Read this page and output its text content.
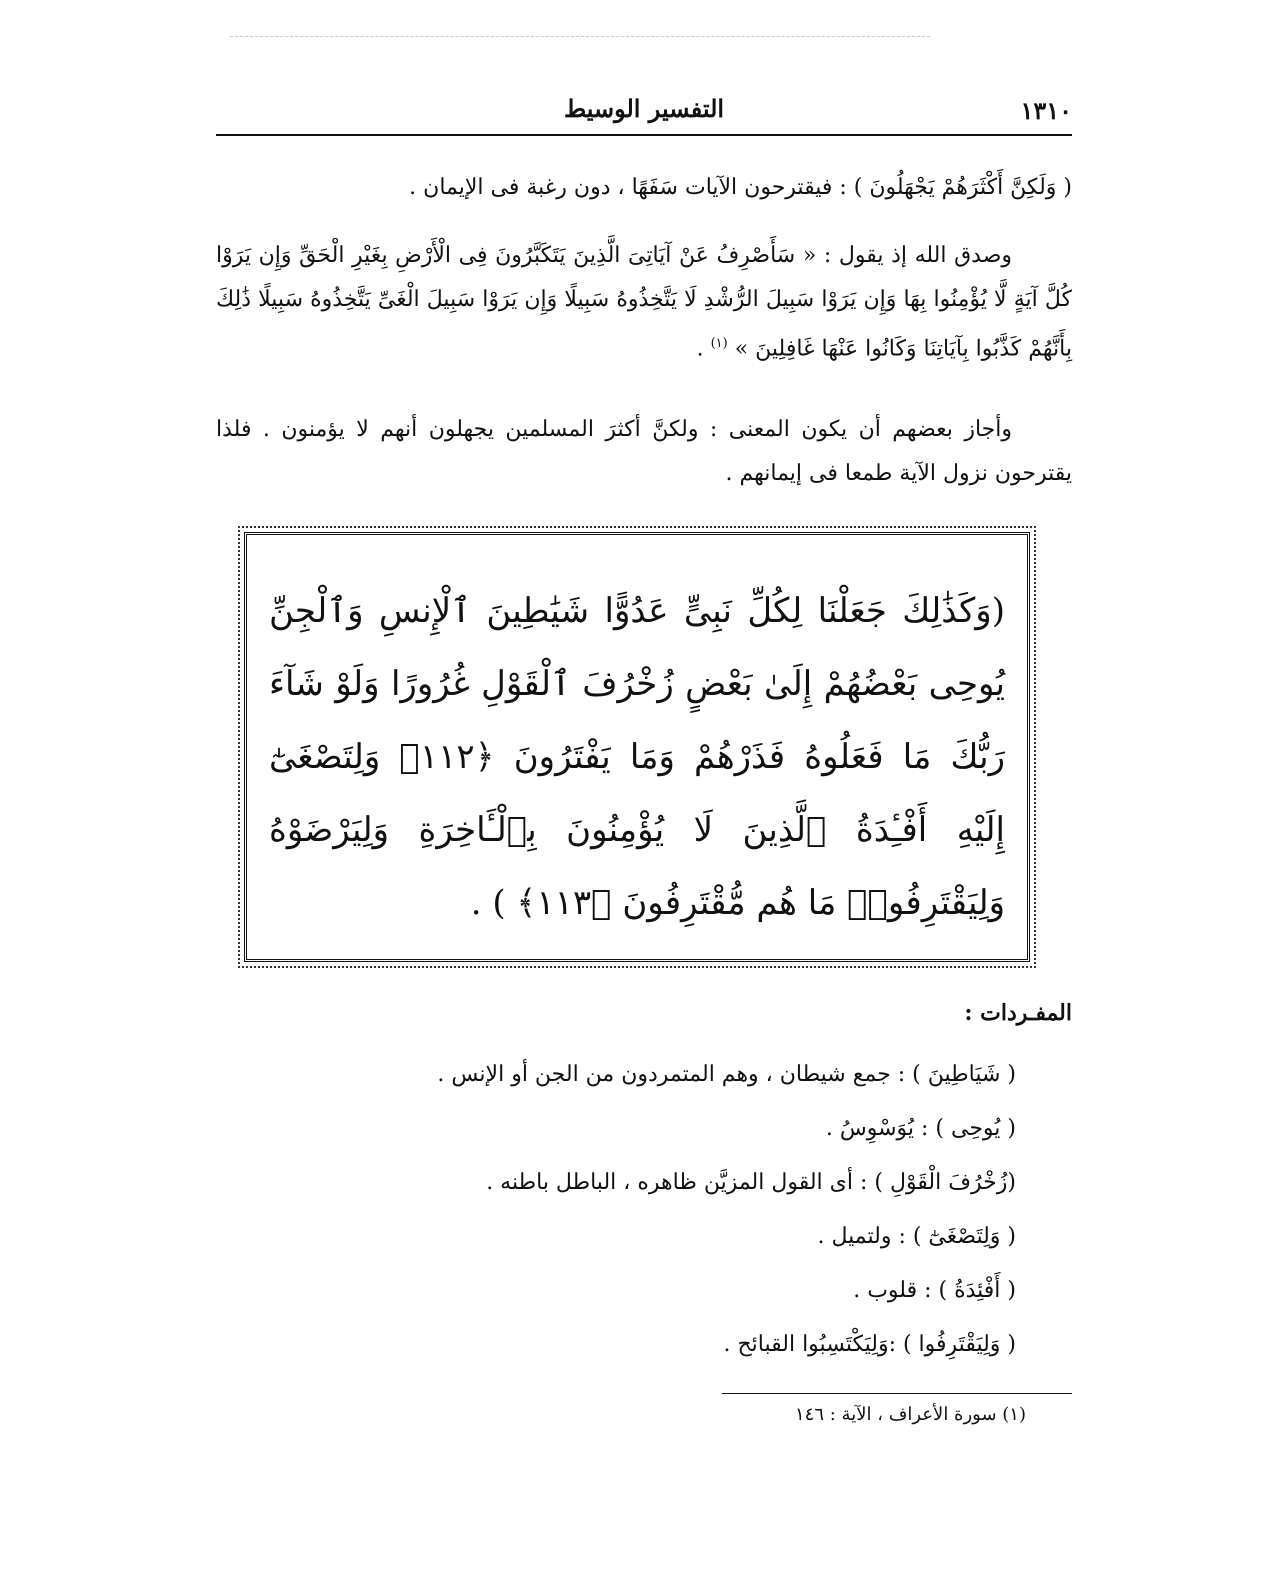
١٣١٠
التفسير الوسيط

( وَلَكِنَّ أَكْثَرَهُمْ يَجْهَلُونَ ) : فيقترحون الآيات سَفَهًا ، دون رغبة فى الإيمان .

وصدق الله إذ يقول : « سَأَصْرِفُ عَنْ آيَاتِىَ الَّذِينَ يَتَكَبَّرُونَ فِى الْأَرْضِ بِغَيْرِ الْحَقِّ وَإِن يَرَوْا كُلَّ آيَةٍ لَّا يُؤْمِنُوا بِهَا وَإِن يَرَوْا سَبِيلَ الرُّشْدِ لَا يَتَّخِذُوهُ سَبِيلًا وَإِن يَرَوْا سَبِيلَ الْغَىِّ يَتَّخِذُوهُ سَبِيلًا ذَٰلِكَ بِأَنَّهُمْ كَذَّبُوا بِآيَاتِنَا وَكَانُوا عَنْهَا غَافِلِينَ » $^{(١)}$ .

وأجاز بعضهم أن يكون المعنى : ولكنَّ أكثرَ المسلمين يجهلون أنهم لا يؤمنون . فلذا يقترحون نزول الآية طمعا فى إيمانهم .

(وَكَذَٰلِكَ جَعَلْنَا لِكُلِّ نَبِىٍّ عَدُوًّا شَيَٰطِينَ ٱلْإِنسِ وَٱلْجِنِّ يُوحِى بَعْضُهُمْ إِلَىٰ بَعْضٍ زُخْرُفَ ٱلْقَوْلِ غُرُورًا وَلَوْ شَآءَ رَبُّكَ مَا فَعَلُوهُ فَذَرْهُمْ وَمَا يَفْتَرُونَ ﴿١١٢﴾ وَلِتَصْغَىٰٓ إِلَيْهِ أَفْـِٔدَةُ ٱلَّذِينَ لَا يُؤْمِنُونَ بِٱلْـَٔاخِرَةِ وَلِيَرْضَوْهُ وَلِيَقْتَرِفُوا۟ مَا هُم مُّقْتَرِفُونَ ﴿١١٣﴾ ) .
المفـردات :
( شَيَاطِينَ ) : جمع شيطان ، وهم المتمردون من الجن أو الإنس .
( يُوحِى ) : يُوَسْوِسُ .
(زُخْرُفَ الْقَوْلِ ) : أى القول المزيَّن ظاهره ، الباطل باطنه .
( وَلِتَصْغَىٰٓ ) : ولتميل .
( أَفْئِدَةُ ) : قلوب .
( وَلِيَقْتَرِفُوا ) :وَلِيَكْتَسِبُوا القبائح .
(١) سورة الأعراف ، الآية : ١٤٦
